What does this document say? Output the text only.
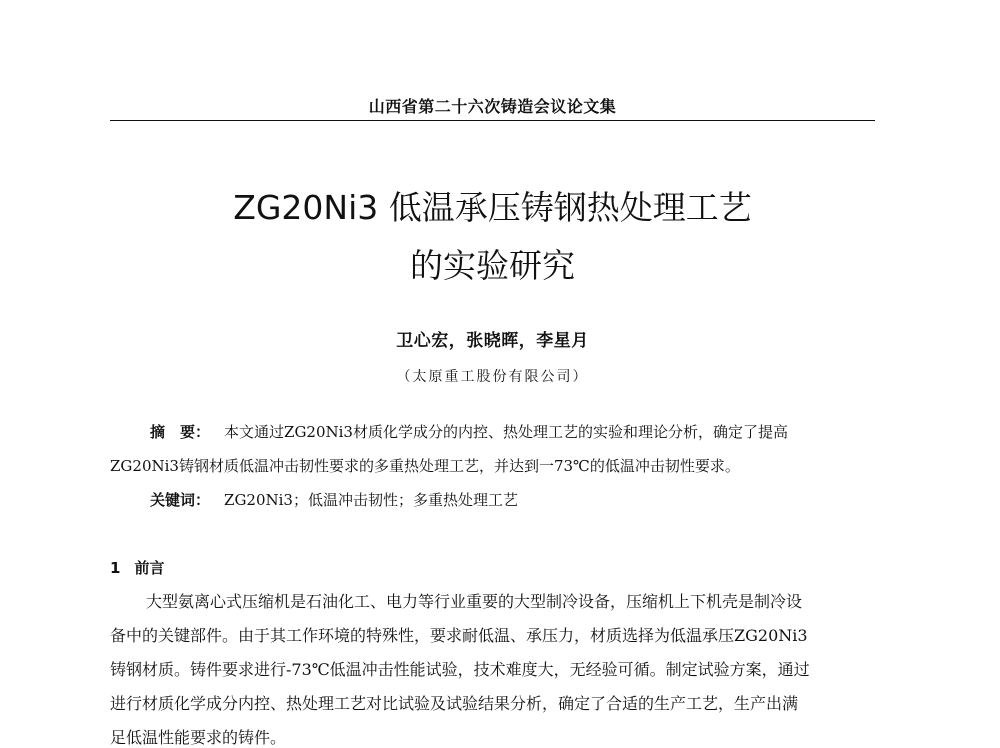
山西省第二十六次铸造会议论文集
ZG20Ni3 低温承压铸钢热处理工艺
的实验研究
卫心宏，张晓晖，李星月
（太原重工股份有限公司）
摘　要： 本文通过ZG20Ni3材质化学成分的内控、热处理工艺的实验和理论分析，确定了提高
ZG20Ni3铸钢材质低温冲击韧性要求的多重热处理工艺，并达到一73℃的低温冲击韧性要求。
关键词： ZG20Ni3；低温冲击韧性；多重热处理工艺
1 前言
大型氨离心式压缩机是石油化工、电力等行业重要的大型制冷设备，压缩机上下机壳是制冷设
备中的关键部件。由于其工作环境的特殊性，要求耐低温、承压力，材质选择为低温承压ZG20Ni3
铸钢材质。铸件要求进行-73℃低温冲击性能试验，技术难度大，无经验可循。制定试验方案，通过
进行材质化学成分内控、热处理工艺对比试验及试验结果分析，确定了合适的生产工艺，生产出满
足低温性能要求的铸件。
